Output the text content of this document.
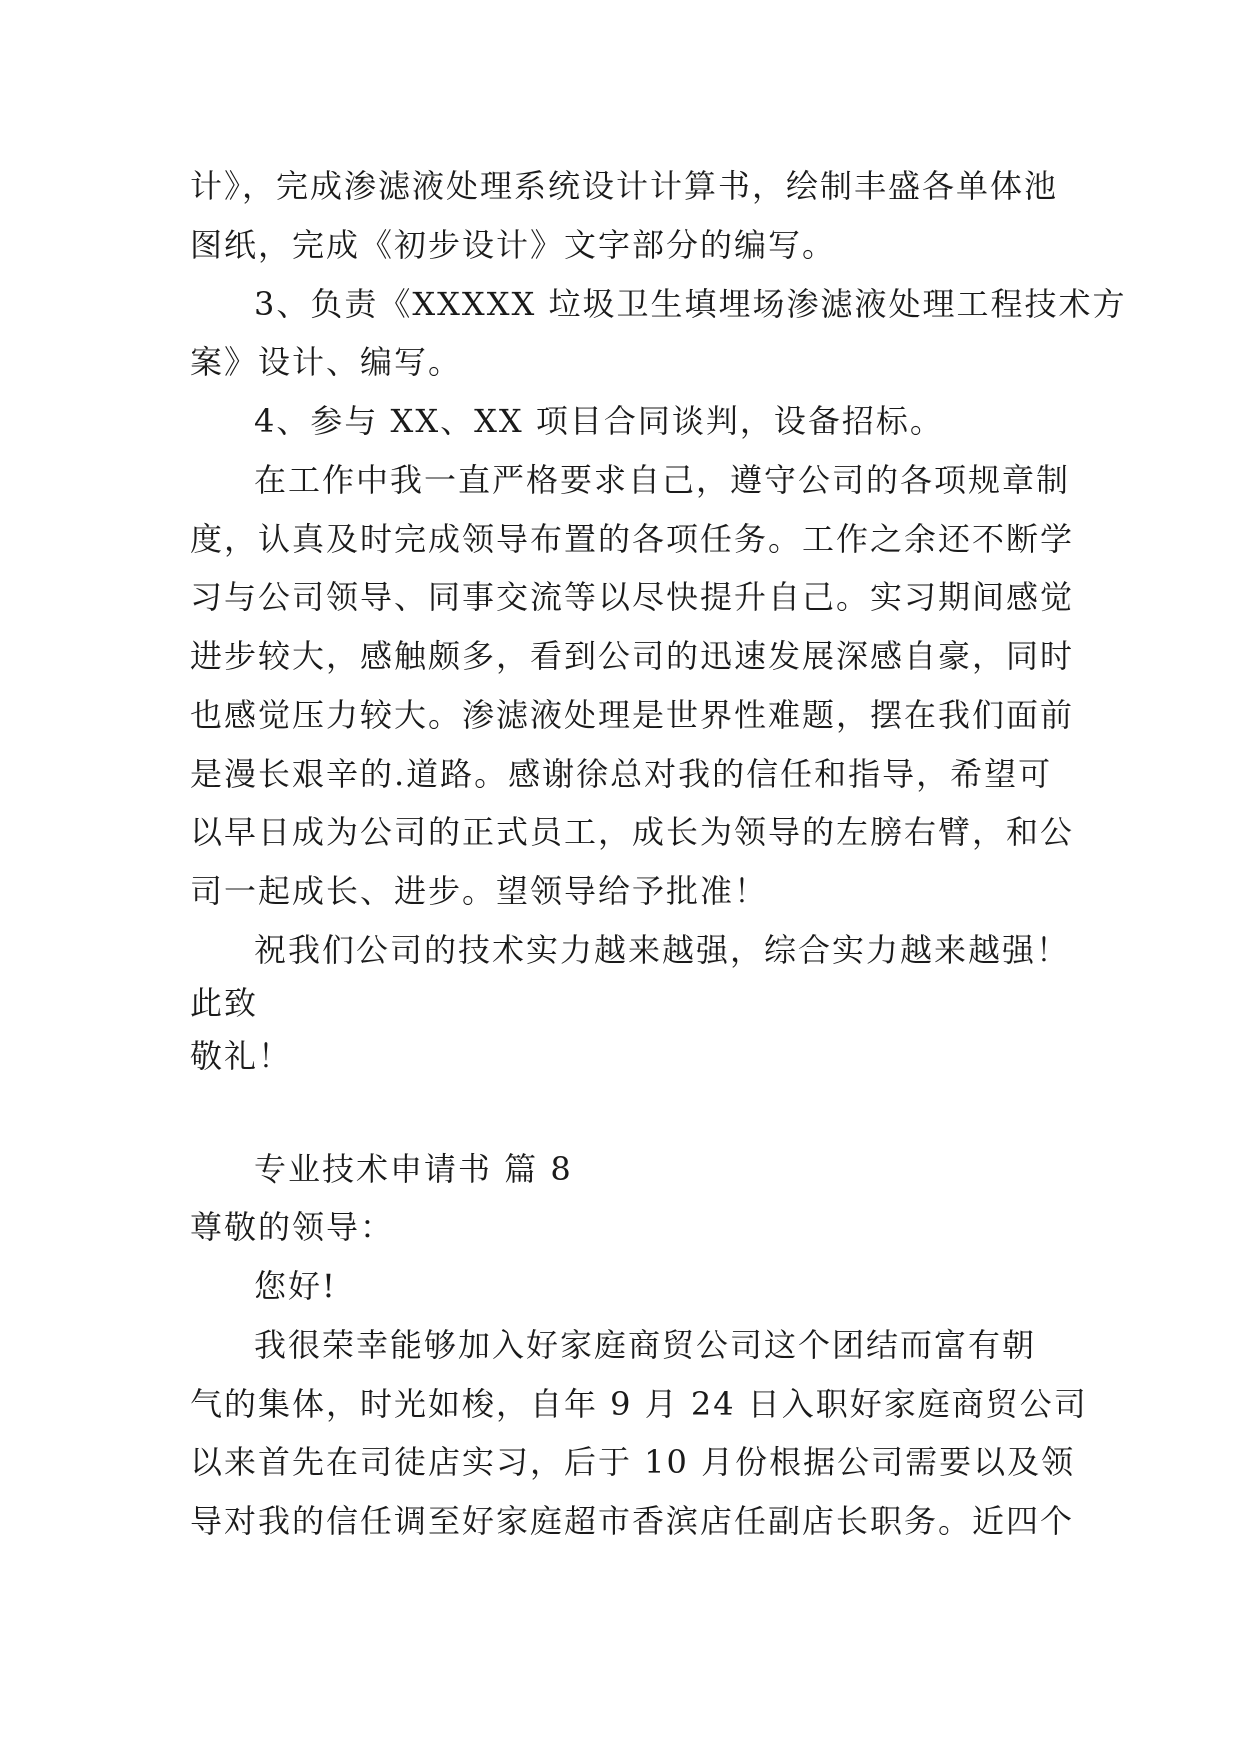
计》，完成渗滤液处理系统设计计算书，绘制丰盛各单体池
图纸，完成《初步设计》文字部分的编写。
3、负责《XXXXX 垃圾卫生填埋场渗滤液处理工程技术方
案》设计、编写。
4、参与 XX、XX 项目合同谈判，设备招标。
在工作中我一直严格要求自己，遵守公司的各项规章制
度，认真及时完成领导布置的各项任务。工作之余还不断学
习与公司领导、同事交流等以尽快提升自己。实习期间感觉
进步较大，感触颇多，看到公司的迅速发展深感自豪，同时
也感觉压力较大。渗滤液处理是世界性难题，摆在我们面前
是漫长艰辛的.道路。感谢徐总对我的信任和指导，希望可
以早日成为公司的正式员工，成长为领导的左膀右臂，和公
司一起成长、进步。望领导给予批准！
祝我们公司的技术实力越来越强，综合实力越来越强！
此致
敬礼！
专业技术申请书 篇 8
尊敬的领导：
您好!
我很荣幸能够加入好家庭商贸公司这个团结而富有朝
气的集体，时光如梭，自年 9 月 24 日入职好家庭商贸公司
以来首先在司徒店实习，后于 10 月份根据公司需要以及领
导对我的信任调至好家庭超市香滨店任副店长职务。近四个
